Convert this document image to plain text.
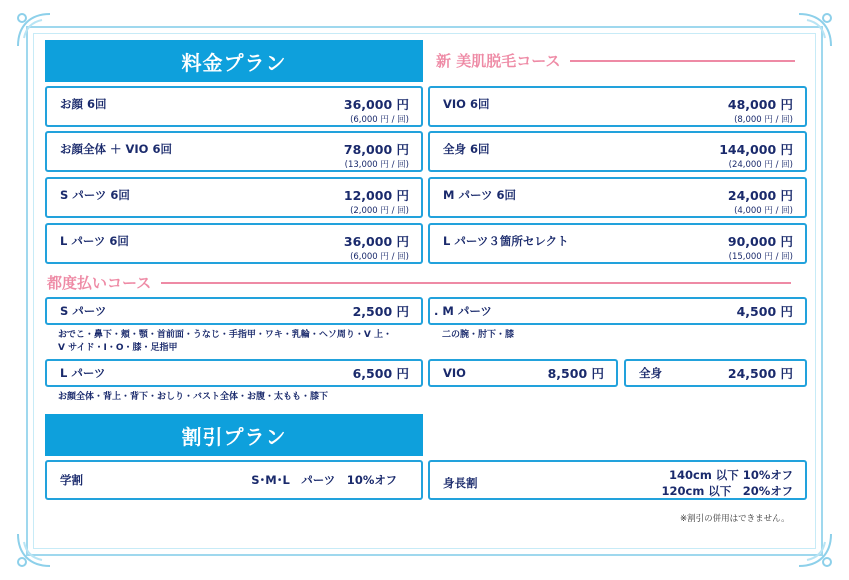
料金プラン	新 美肌脱毛コース
お顔 6回	36,000 円
(6,000 円 / 回)
お顔全体 ＋ VIO 6回	78,000 円
(13,000 円 / 回)
S パーツ 6回	12,000 円
(2,000 円 / 回)
L パーツ 6回	36,000 円
(6,000 円 / 回)
VIO 6回	48,000 円
(8,000 円 / 回)
全身 6回	144,000 円
(24,000 円 / 回)
M パーツ 6回	24,000 円
(4,000 円 / 回)
L パーツ３箇所セレクト	90,000 円
(15,000 円 / 回)
都度払いコース
S パーツ	2,500 円
おでこ・鼻下・頬・顎・首前面・うなじ・手指甲・ワキ・乳輪・ヘソ周り・V 上・
V サイド・I・O・膝・足指甲
. M パーツ	4,500 円
二の腕・肘下・膝
L パーツ	6,500 円
お顔全体・背上・背下・おしり・バスト全体・お腹・太もも・膝下
VIO	8,500 円	全身	24,500 円
割引プラン
学割	S･M･L　パーツ　10%オフ	身長割
140cm 以下 10%オフ
120cm 以下　20%オフ
※割引の併用はできません。
